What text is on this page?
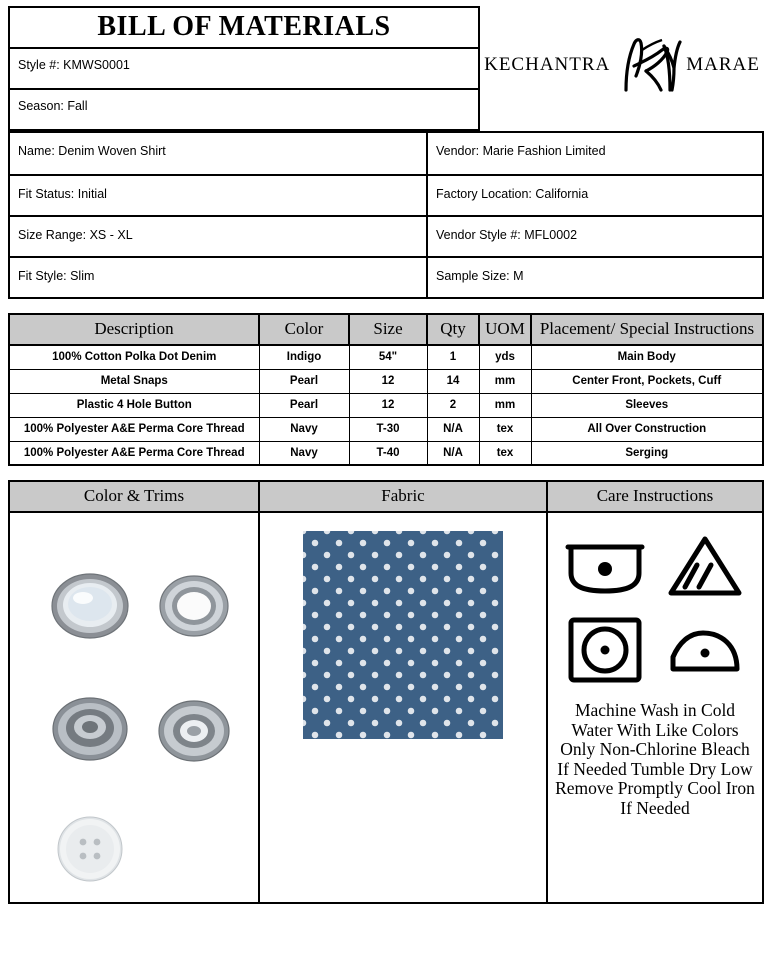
BILL OF MATERIALS
Style #: KMWS0001
Season: Fall
KECHANTRA	MARAE
Name: Denim Woven Shirt	Vendor: Marie Fashion Limited
Fit Status: Initial	Factory Location: California
Size Range: XS - XL	Vendor Style #: MFL0002
Fit Style: Slim	Sample Size: M
Description	Color	Size	Qty	UOM	Placement/ Special Instructions
100% Cotton Polka Dot Denim	Indigo	54"	1	yds	Main Body
Metal Snaps	Pearl	12	14	mm	Center Front, Pockets, Cuff
Plastic 4 Hole Button	Pearl	12	2	mm	Sleeves
100% Polyester A&E Perma Core Thread	Navy	T-30	N/A	tex	All Over Construction
100% Polyester A&E Perma Core Thread	Navy	T-40	N/A	tex	Serging
Color & Trims	Fabric	Care Instructions
Machine Wash in Cold Water With Like Colors Only Non-Chlorine Bleach If Needed Tumble Dry Low Remove Promptly Cool Iron If Needed
